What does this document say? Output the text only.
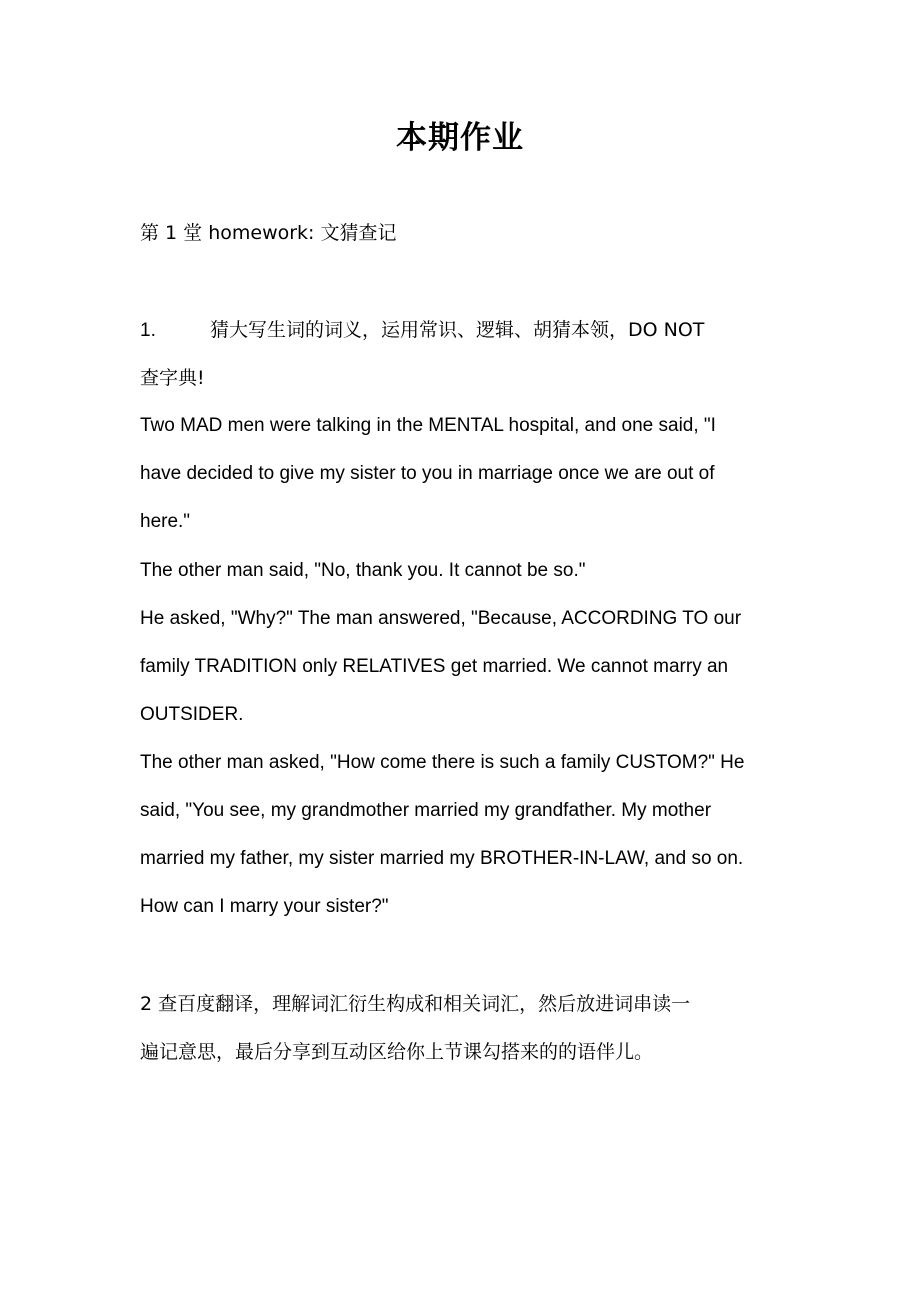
本期作业
第 1 堂 homework: 文猜查记
1.	猜大写生词的词义，运用常识、逻辑、胡猜本领，DO NOT
查字典!
Two MAD men were talking in the MENTAL hospital, and one said, "I
have decided to give my sister to you in marriage once we are out of
here."
The other man said, "No, thank you. It cannot be so."
He asked, "Why?" The man answered, "Because, ACCORDING TO our
family TRADITION only RELATIVES get married. We cannot marry an
OUTSIDER.
The other man asked, "How come there is such a family CUSTOM?" He
said, "You see, my grandmother married my grandfather. My mother
married my father, my sister married my BROTHER-IN-LAW, and so on.
How can I marry your sister?"
2 查百度翻译，理解词汇衍生构成和相关词汇，然后放进词串读一
遍记意思，最后分享到互动区给你上节课勾搭来的的语伴儿。
